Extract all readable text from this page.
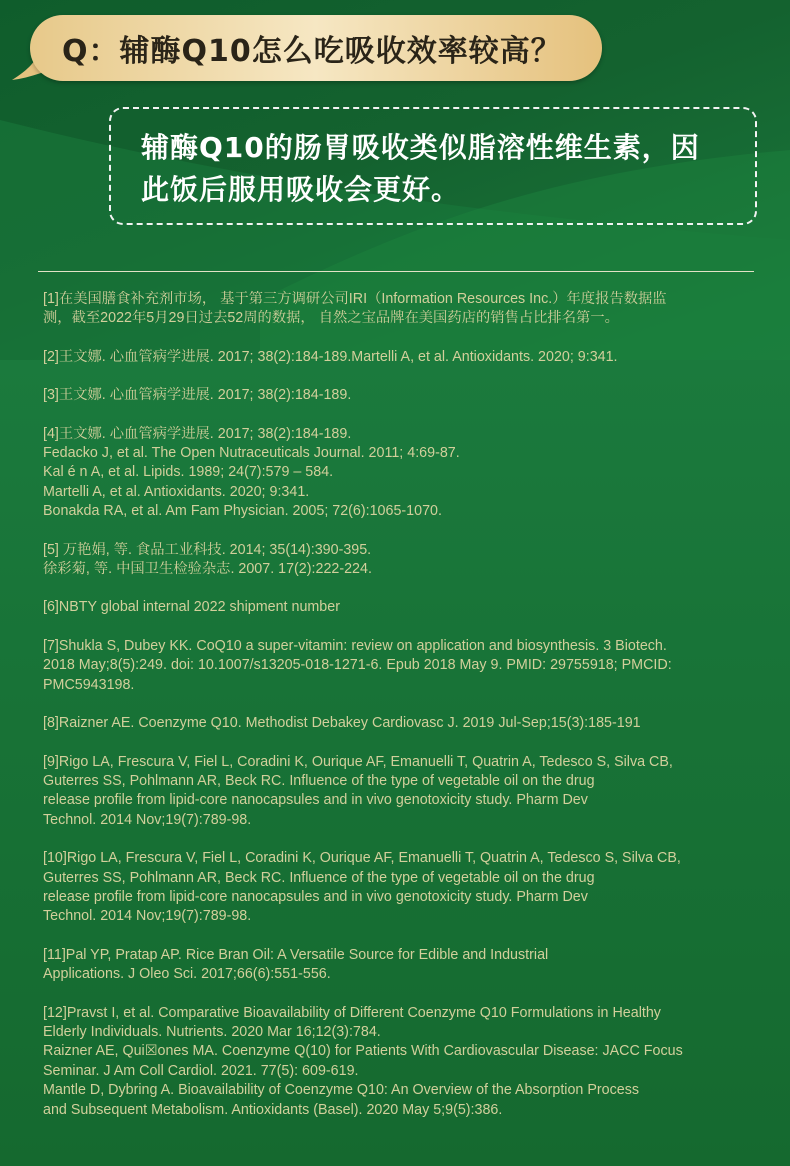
Q：辅酶Q10怎么吃吸收效率较高？

辅酶Q10的肠胃吸收类似脂溶性维生素，因
此饭后服用吸收会更好。

[1]在美国膳食补充剂市场， 基于第三方调研公司IRI（Information Resources Inc.）年度报告数据监
测，截至2022年5月29日过去52周的数据， 自然之宝品牌在美国药店的销售占比排名第一。
[2]王文娜. 心血管病学进展. 2017; 38(2):184-189.Martelli A, et al. Antioxidants. 2020; 9:341.
[3]王文娜. 心血管病学进展. 2017; 38(2):184-189.
[4]王文娜. 心血管病学进展. 2017; 38(2):184-189.
Fedacko J, et al. The Open Nutraceuticals Journal. 2011; 4:69-87.
Kal é n A, et al. Lipids. 1989; 24(7):579 – 584.
Martelli A, et al. Antioxidants. 2020; 9:341.
Bonakda RA, et al. Am Fam Physician. 2005; 72(6):1065-1070.
[5] 万艳娟, 等. 食品工业科技. 2014; 35(14):390-395.
徐彩菊, 等. 中国卫生检验杂志. 2007. 17(2):222-224.
[6]NBTY global internal 2022 shipment number
[7]Shukla S, Dubey KK. CoQ10 a super-vitamin: review on application and biosynthesis. 3 Biotech.
2018 May;8(5):249. doi: 10.1007/s13205-018-1271-6. Epub 2018 May 9. PMID: 29755918; PMCID:
PMC5943198.
[8]Raizner AE. Coenzyme Q10. Methodist Debakey Cardiovasc J. 2019 Jul-Sep;15(3):185-191
[9]Rigo LA, Frescura V, Fiel L, Coradini K, Ourique AF, Emanuelli T, Quatrin A, Tedesco S, Silva CB,
Guterres SS, Pohlmann AR, Beck RC. Influence of the type of vegetable oil on the drug
release profile from lipid-core nanocapsules and in vivo genotoxicity study. Pharm Dev
Technol. 2014 Nov;19(7):789-98.
[10]Rigo LA, Frescura V, Fiel L, Coradini K, Ourique AF, Emanuelli T, Quatrin A, Tedesco S, Silva CB,
Guterres SS, Pohlmann AR, Beck RC. Influence of the type of vegetable oil on the drug
release profile from lipid-core nanocapsules and in vivo genotoxicity study. Pharm Dev
Technol. 2014 Nov;19(7):789-98.
[11]Pal YP, Pratap AP. Rice Bran Oil: A Versatile Source for Edible and Industrial
Applications. J Oleo Sci. 2017;66(6):551-556.
[12]Pravst I, et al. Comparative Bioavailability of Different Coenzyme Q10 Formulations in Healthy
Elderly Individuals. Nutrients. 2020 Mar 16;12(3):784.
Raizner AE, Qui☒ones MA. Coenzyme Q(10) for Patients With Cardiovascular Disease: JACC Focus
Seminar. J Am Coll Cardiol. 2021. 77(5): 609-619.
Mantle D, Dybring A. Bioavailability of Coenzyme Q10: An Overview of the Absorption Process
and Subsequent Metabolism. Antioxidants (Basel). 2020 May 5;9(5):386.
